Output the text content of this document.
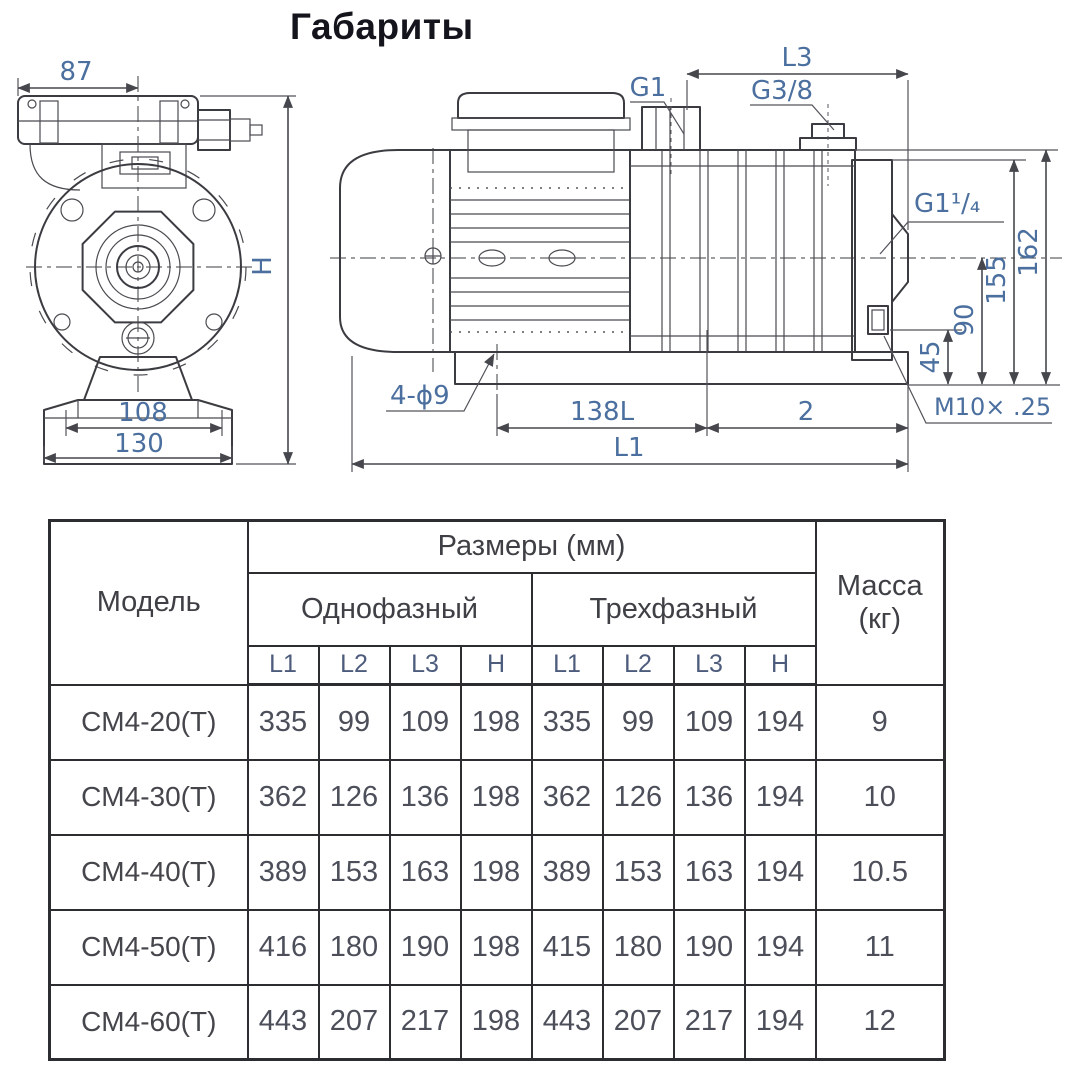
Габариты
87
H
108
130
L3
G1	G3/8
G1¹/₄
45
90
155
162
4-ϕ9
138L	2
L1
M10× .25
Модель	Размеры (мм)								Масса
(кг)

	Однофазный				Трехфазный				
	L1	L2	L3	H	L1	L2	L3	H	
CM4-20(T)	335	99	109	198	335	99	109	194	9
CM4-30(T)	362	126	136	198	362	126	136	194	10
CM4-40(T)	389	153	163	198	389	153	163	194	10.5
CM4-50(T)	416	180	190	198	415	180	190	194	11
CM4-60(T)	443	207	217	198	443	207	217	194	12
